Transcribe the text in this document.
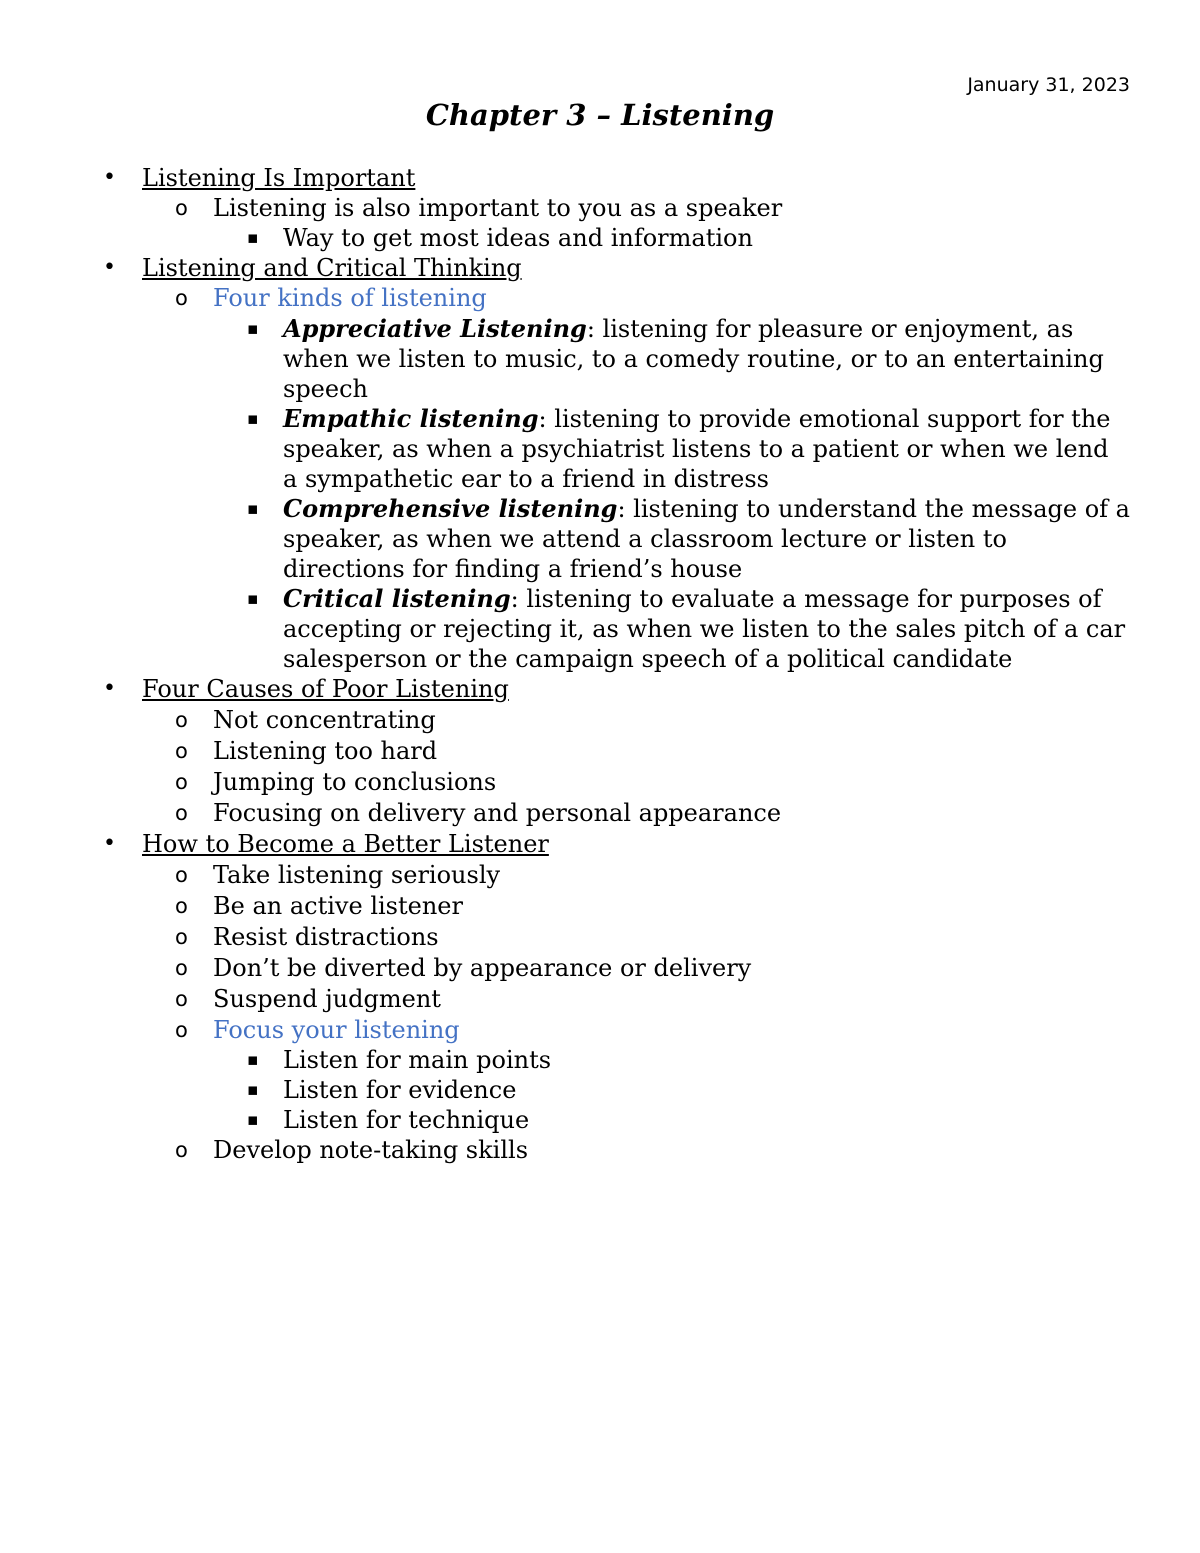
January 31, 2023
Chapter 3 – Listening
• Listening Is Important
o Listening is also important to you as a speaker
▪ Way to get most ideas and information
• Listening and Critical Thinking
o Four kinds of listening
▪ Appreciative Listening: listening for pleasure or enjoyment, as when we listen to music, to a comedy routine, or to an entertaining speech
▪ Empathic listening: listening to provide emotional support for the speaker, as when a psychiatrist listens to a patient or when we lend a sympathetic ear to a friend in distress
▪ Comprehensive listening: listening to understand the message of a speaker, as when we attend a classroom lecture or listen to directions for finding a friend’s house
▪ Critical listening: listening to evaluate a message for purposes of accepting or rejecting it, as when we listen to the sales pitch of a car salesperson or the campaign speech of a political candidate
• Four Causes of Poor Listening
o Not concentrating
o Listening too hard
o Jumping to conclusions
o Focusing on delivery and personal appearance
• How to Become a Better Listener
o Take listening seriously
o Be an active listener
o Resist distractions
o Don’t be diverted by appearance or delivery
o Suspend judgment
o Focus your listening
▪ Listen for main points
▪ Listen for evidence
▪ Listen for technique
o Develop note-taking skills
